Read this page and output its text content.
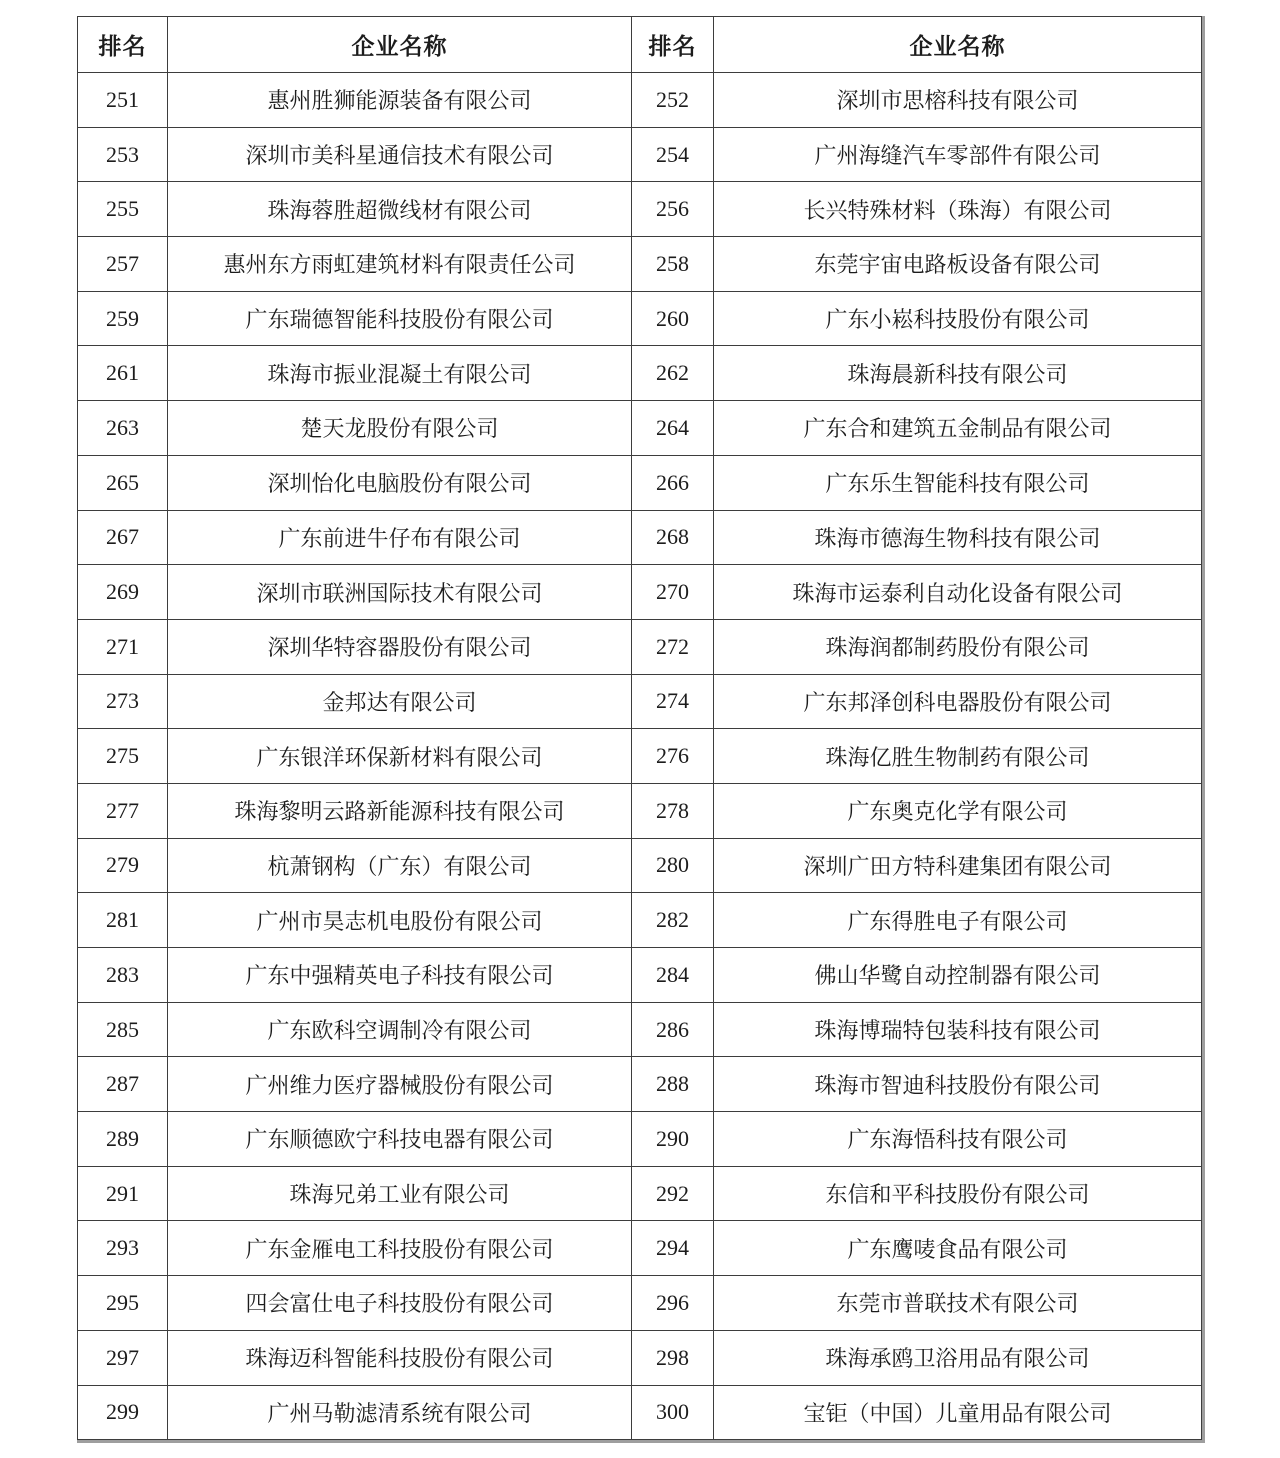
排名	企业名称	排名	企业名称
251	惠州胜狮能源装备有限公司	252	深圳市思榕科技有限公司
253	深圳市美科星通信技术有限公司	254	广州海缝汽车零部件有限公司
255	珠海蓉胜超微线材有限公司	256	长兴特殊材料（珠海）有限公司
257	惠州东方雨虹建筑材料有限责任公司	258	东莞宇宙电路板设备有限公司
259	广东瑞德智能科技股份有限公司	260	广东小崧科技股份有限公司
261	珠海市振业混凝土有限公司	262	珠海晨新科技有限公司
263	楚天龙股份有限公司	264	广东合和建筑五金制品有限公司
265	深圳怡化电脑股份有限公司	266	广东乐生智能科技有限公司
267	广东前进牛仔布有限公司	268	珠海市德海生物科技有限公司
269	深圳市联洲国际技术有限公司	270	珠海市运泰利自动化设备有限公司
271	深圳华特容器股份有限公司	272	珠海润都制药股份有限公司
273	金邦达有限公司	274	广东邦泽创科电器股份有限公司
275	广东银洋环保新材料有限公司	276	珠海亿胜生物制药有限公司
277	珠海黎明云路新能源科技有限公司	278	广东奥克化学有限公司
279	杭萧钢构（广东）有限公司	280	深圳广田方特科建集团有限公司
281	广州市昊志机电股份有限公司	282	广东得胜电子有限公司
283	广东中强精英电子科技有限公司	284	佛山华鹭自动控制器有限公司
285	广东欧科空调制冷有限公司	286	珠海博瑞特包装科技有限公司
287	广州维力医疗器械股份有限公司	288	珠海市智迪科技股份有限公司
289	广东顺德欧宁科技电器有限公司	290	广东海悟科技有限公司
291	珠海兄弟工业有限公司	292	东信和平科技股份有限公司
293	广东金雁电工科技股份有限公司	294	广东鹰唛食品有限公司
295	四会富仕电子科技股份有限公司	296	东莞市普联技术有限公司
297	珠海迈科智能科技股份有限公司	298	珠海承鸥卫浴用品有限公司
299	广州马勒滤清系统有限公司	300	宝钜（中国）儿童用品有限公司
